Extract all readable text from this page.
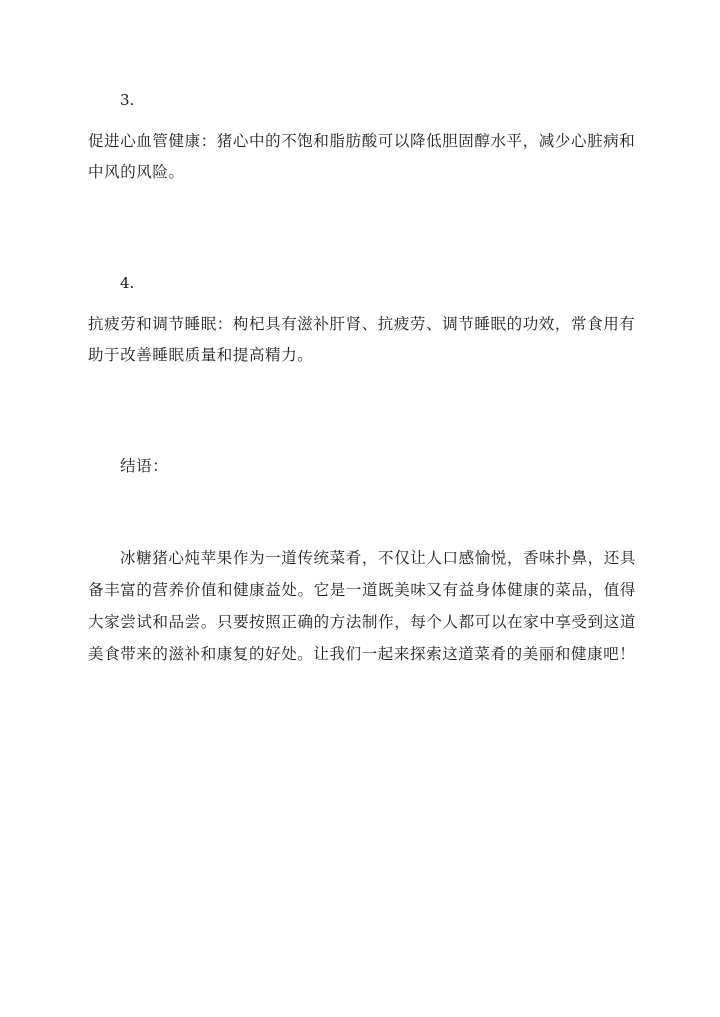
3.

促进心血管健康：猪心中的不饱和脂肪酸可以降低胆固醇水平，减少心脏病和中风的风险。

4.

抗疲劳和调节睡眠：枸杞具有滋补肝肾、抗疲劳、调节睡眠的功效，常食用有助于改善睡眠质量和提高精力。

结语：

冰糖猪心炖苹果作为一道传统菜肴，不仅让人口感愉悦，香味扑鼻，还具备丰富的营养价值和健康益处。它是一道既美味又有益身体健康的菜品，值得大家尝试和品尝。只要按照正确的方法制作，每个人都可以在家中享受到这道美食带来的滋补和康复的好处。让我们一起来探索这道菜肴的美丽和健康吧！
